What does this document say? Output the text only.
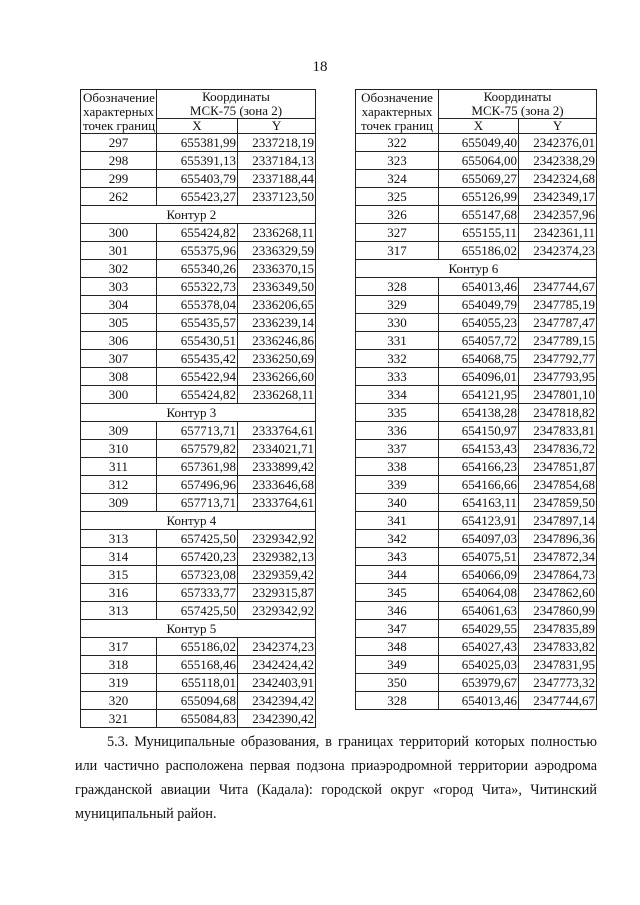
18
Обозначение
характерных
точек границ	Координаты	
	МСК-75 (зона 2)	
	X	Y
297	655381,99	2337218,19
298	655391,13	2337184,13
299	655403,79	2337188,44
262	655423,27	2337123,50
	Контур 2	
300	655424,82	2336268,11
301	655375,96	2336329,59
302	655340,26	2336370,15
303	655322,73	2336349,50
304	655378,04	2336206,65
305	655435,57	2336239,14
306	655430,51	2336246,86
307	655435,42	2336250,69
308	655422,94	2336266,60
300	655424,82	2336268,11
	Контур 3	
309	657713,71	2333764,61
310	657579,82	2334021,71
311	657361,98	2333899,42
312	657496,96	2333646,68
309	657713,71	2333764,61
	Контур 4	
313	657425,50	2329342,92
314	657420,23	2329382,13
315	657323,08	2329359,42
316	657333,77	2329315,87
313	657425,50	2329342,92
	Контур 5	
317	655186,02	2342374,23
318	655168,46	2342424,42
319	655118,01	2342403,91
320	655094,68	2342394,42
321	655084,83	2342390,42
Обозначение
характерных
точек границ	Координаты	
	МСК-75 (зона 2)	
	X	Y
322	655049,40	2342376,01
323	655064,00	2342338,29
324	655069,27	2342324,68
325	655126,99	2342349,17
326	655147,68	2342357,96
327	655155,11	2342361,11
317	655186,02	2342374,23
	Контур 6	
328	654013,46	2347744,67
329	654049,79	2347785,19
330	654055,23	2347787,47
331	654057,72	2347789,15
332	654068,75	2347792,77
333	654096,01	2347793,95
334	654121,95	2347801,10
335	654138,28	2347818,82
336	654150,97	2347833,81
337	654153,43	2347836,72
338	654166,23	2347851,87
339	654166,66	2347854,68
340	654163,11	2347859,50
341	654123,91	2347897,14
342	654097,03	2347896,36
343	654075,51	2347872,34
344	654066,09	2347864,73
345	654064,08	2347862,60
346	654061,63	2347860,99
347	654029,55	2347835,89
348	654027,43	2347833,82
349	654025,03	2347831,95
350	653979,67	2347773,32
328	654013,46	2347744,67

5.3. Муниципальные образования, в границах территорий которых полностью или частично расположена первая подзона приаэродромной территории аэродрома гражданской авиации Чита (Кадала): городской округ «город Чита», Читинский муниципальный район.
